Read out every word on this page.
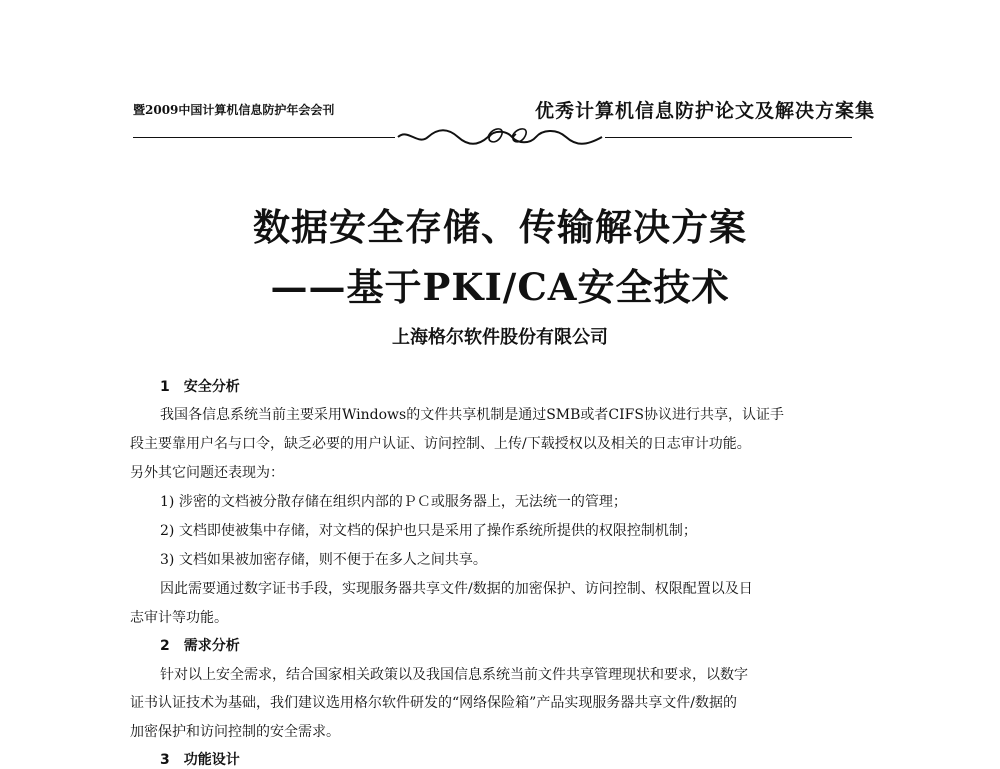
暨2009中国计算机信息防护年会会刊	优秀计算机信息防护论文及解决方案集
数据安全存储、传输解决方案
——基于PKI/CA安全技术
上海格尔软件股份有限公司
1　安全分析
我国各信息系统当前主要采用Windows的文件共享机制是通过SMB或者CIFS协议进行共享，认证手
段主要靠用户名与口令，缺乏必要的用户认证、访问控制、上传/下载授权以及相关的日志审计功能。
另外其它问题还表现为：
1) 涉密的文档被分散存储在组织内部的ＰＣ或服务器上，无法统一的管理；
2) 文档即使被集中存储，对文档的保护也只是采用了操作系统所提供的权限控制机制；
3) 文档如果被加密存储，则不便于在多人之间共享。
因此需要通过数字证书手段，实现服务器共享文件/数据的加密保护、访问控制、权限配置以及日
志审计等功能。
2　需求分析
针对以上安全需求，结合国家相关政策以及我国信息系统当前文件共享管理现状和要求，以数字
证书认证技术为基础，我们建议选用格尔软件研发的“网络保险箱”产品实现服务器共享文件/数据的
加密保护和访问控制的安全需求。
3　功能设计
